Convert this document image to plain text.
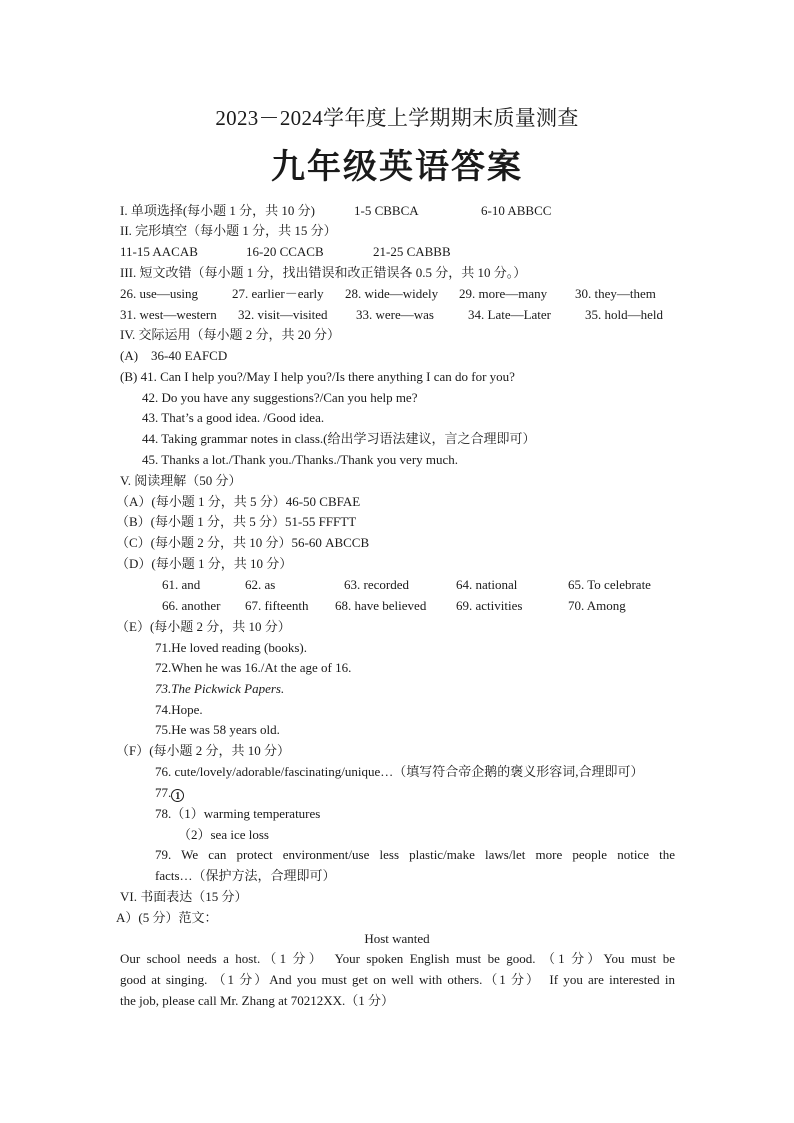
2023－2024学年度上学期期末质量测查
九年级英语答案
I. 单项选择(每小题 1 分，共 10 分)	1-5 CBBCA	6-10 ABBCC
II. 完形填空（每小题 1 分，共 15 分）
11-15 AACAB	16-20 CCACB	21-25 CABBB
III. 短文改错（每小题 1 分，找出错误和改正错误各 0.5 分，共 10 分。）
26. use—using	27. earlier－early 28. wide—widely 29. more—many 30. they—them
31. west—western 32. visit—visited 33. were—was	34. Late—Later	35. hold—held
IV. 交际运用（每小题 2 分，共 20 分）
(A)　36-40 EAFCD
(B) 41. Can I help you?/May I help you?/Is there anything I can do for you?
42. Do you have any suggestions?/Can you help me?
43. That’s a good idea. /Good idea.
44. Taking grammar notes in class.(给出学习语法建议，言之合理即可）
45. Thanks a lot./Thank you./Thanks./Thank you very much.
V. 阅读理解（50 分）
（A）(每小题 1 分，共 5 分）46-50 CBFAE
（B）(每小题 1 分，共 5 分）51-55 FFFTT
（C）(每小题 2 分，共 10 分）56-60 ABCCB
（D）(每小题 1 分，共 10 分）
61. and	62. as	63. recorded	64. national	65. To celebrate
66. another 67. fifteenth 68. have believed 69. activities	70. Among
（E）(每小题 2 分，共 10 分）
71.He loved reading (books).
72.When he was 16./At the age of 16.
73.The Pickwick Papers.
74.Hope.
75.He was 58 years old.
（F）(每小题 2 分，共 10 分）
76. cute/lovely/adorable/fascinating/unique…（填写符合帝企鹅的褒义形容词,合理即可）
77. 1
78.（1）warming temperatures
（2）sea ice loss
79. We can protect environment/use less plastic/make laws/let more people notice the
facts…（保护方法，合理即可）
VI. 书面表达（15 分）
A）(5 分）范文：
Host wanted
Our school needs a host.（1 分）　Your spoken English must be good. （1 分）You must be
good at singing. （1 分）And you must get on well with others.（1 分）　If you are interested in
the job, please call Mr. Zhang at 70212XX.（1 分）
